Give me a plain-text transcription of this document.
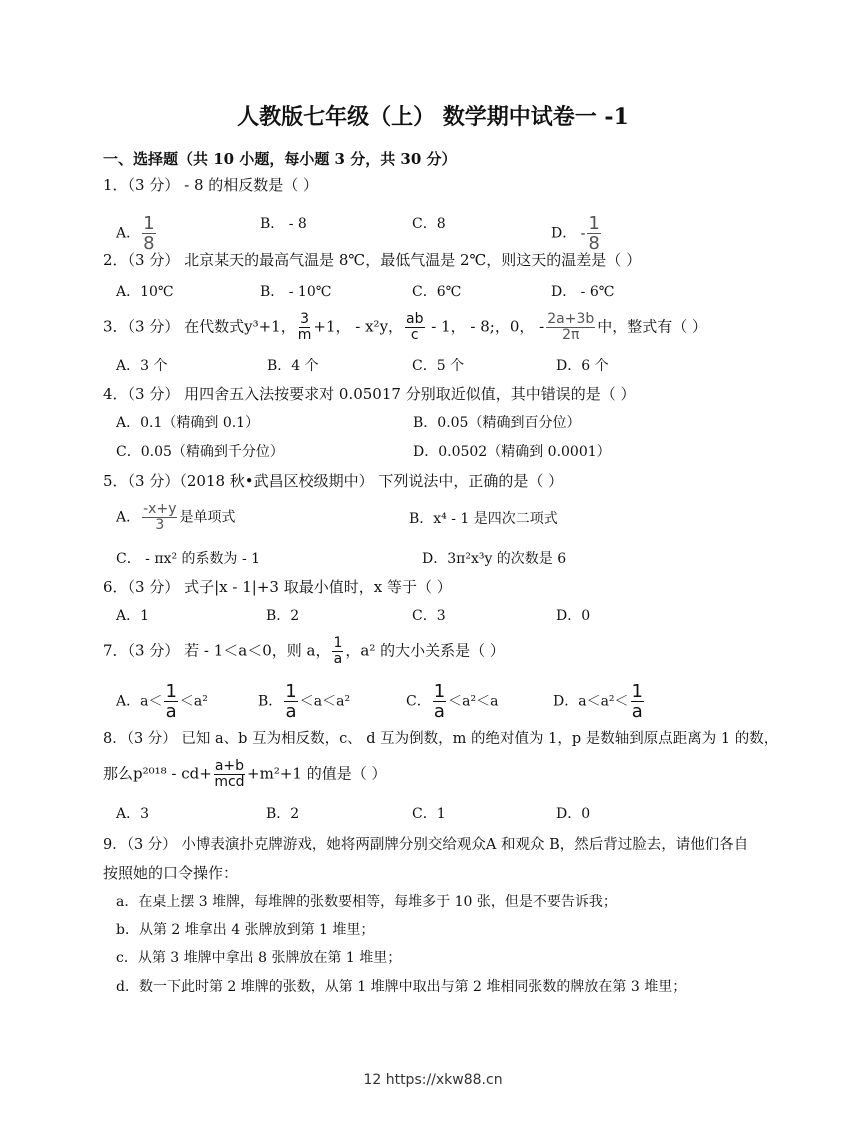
人教版七年级（上） 数学期中试卷一 -1
一、选择题（共 10 小题，每小题 3 分，共 30 分）
1．（3 分） - 8 的相反数是（ ）
A． $\frac{1}{8}$	B． - 8	C．8
D． - $\frac{1}{8}$
2．（3 分） 北京某天的最高气温是 8℃，最低气温是 2℃，则这天的温差是（ ）
A．10℃	B． - 10℃	C．6℃	D． - 6℃
3．（3 分） 在代数式y³+1， $\frac{3}{m} +1$， - x²y， $\frac{ab}{c} - 1$， - 8;，0， - $\frac{2a+3b}{2\pi}$ 中，整式有（ ）
A．3 个	B．4 个	C．5 个	D．6 个
4．（3 分） 用四舍五入法按要求对 0.05017 分别取近似值，其中错误的是（ ）
A．0.1（精确到 0.1）	B．0.05（精确到百分位）
C．0.05（精确到千分位）	D．0.0502（精确到 0.0001）
5．（3 分）（2018 秋•武昌区校级期中） 下列说法中，正确的是（ ）
A． $\frac{-x+y}{3}$ 是单项式	B．x⁴ - 1 是四次二项式
C． - πx² 的系数为 - 1	D．3π²x³y 的次数是 6
6．（3 分） 式子|x - 1|+3 取最小值时，x 等于（ ）
A．1	B．2	C．3	D．0
7．（3 分） 若 - 1＜a＜0，则 a， $\frac{1}{a}$ ，a² 的大小关系是（ ）
A．$a< \frac{1}{a} <a^2$	B． $\frac{1}{a} <a<a^2$	C． $\frac{1}{a} <a^2<a$	D．$a<a^2< \frac{1}{a}$
8．（3 分） 已知 a、b 互为相反数，c、 d 互为倒数，m 的绝对值为 1，p 是数轴到原点距离为 1 的数，
那么$p^{2018} - cd+ \frac{a+b}{\text{mcd}} +m^2+1$ 的值是（ ）
A．3	B．2	C．1	D．0
9．（3 分） 小博表演扑克牌游戏，她将两副牌分别交给观众A 和观众 B，然后背过脸去，请他们各自
按照她的口令操作：
a．在桌上摆 3 堆牌，每堆牌的张数要相等，每堆多于 10 张，但是不要告诉我；
b．从第 2 堆拿出 4 张牌放到第 1 堆里；
c．从第 3 堆牌中拿出 8 张牌放在第 1 堆里；
d．数一下此时第 2 堆牌的张数，从第 1 堆牌中取出与第 2 堆相同张数的牌放在第 3 堆里；
12 https://xkw88.cn
